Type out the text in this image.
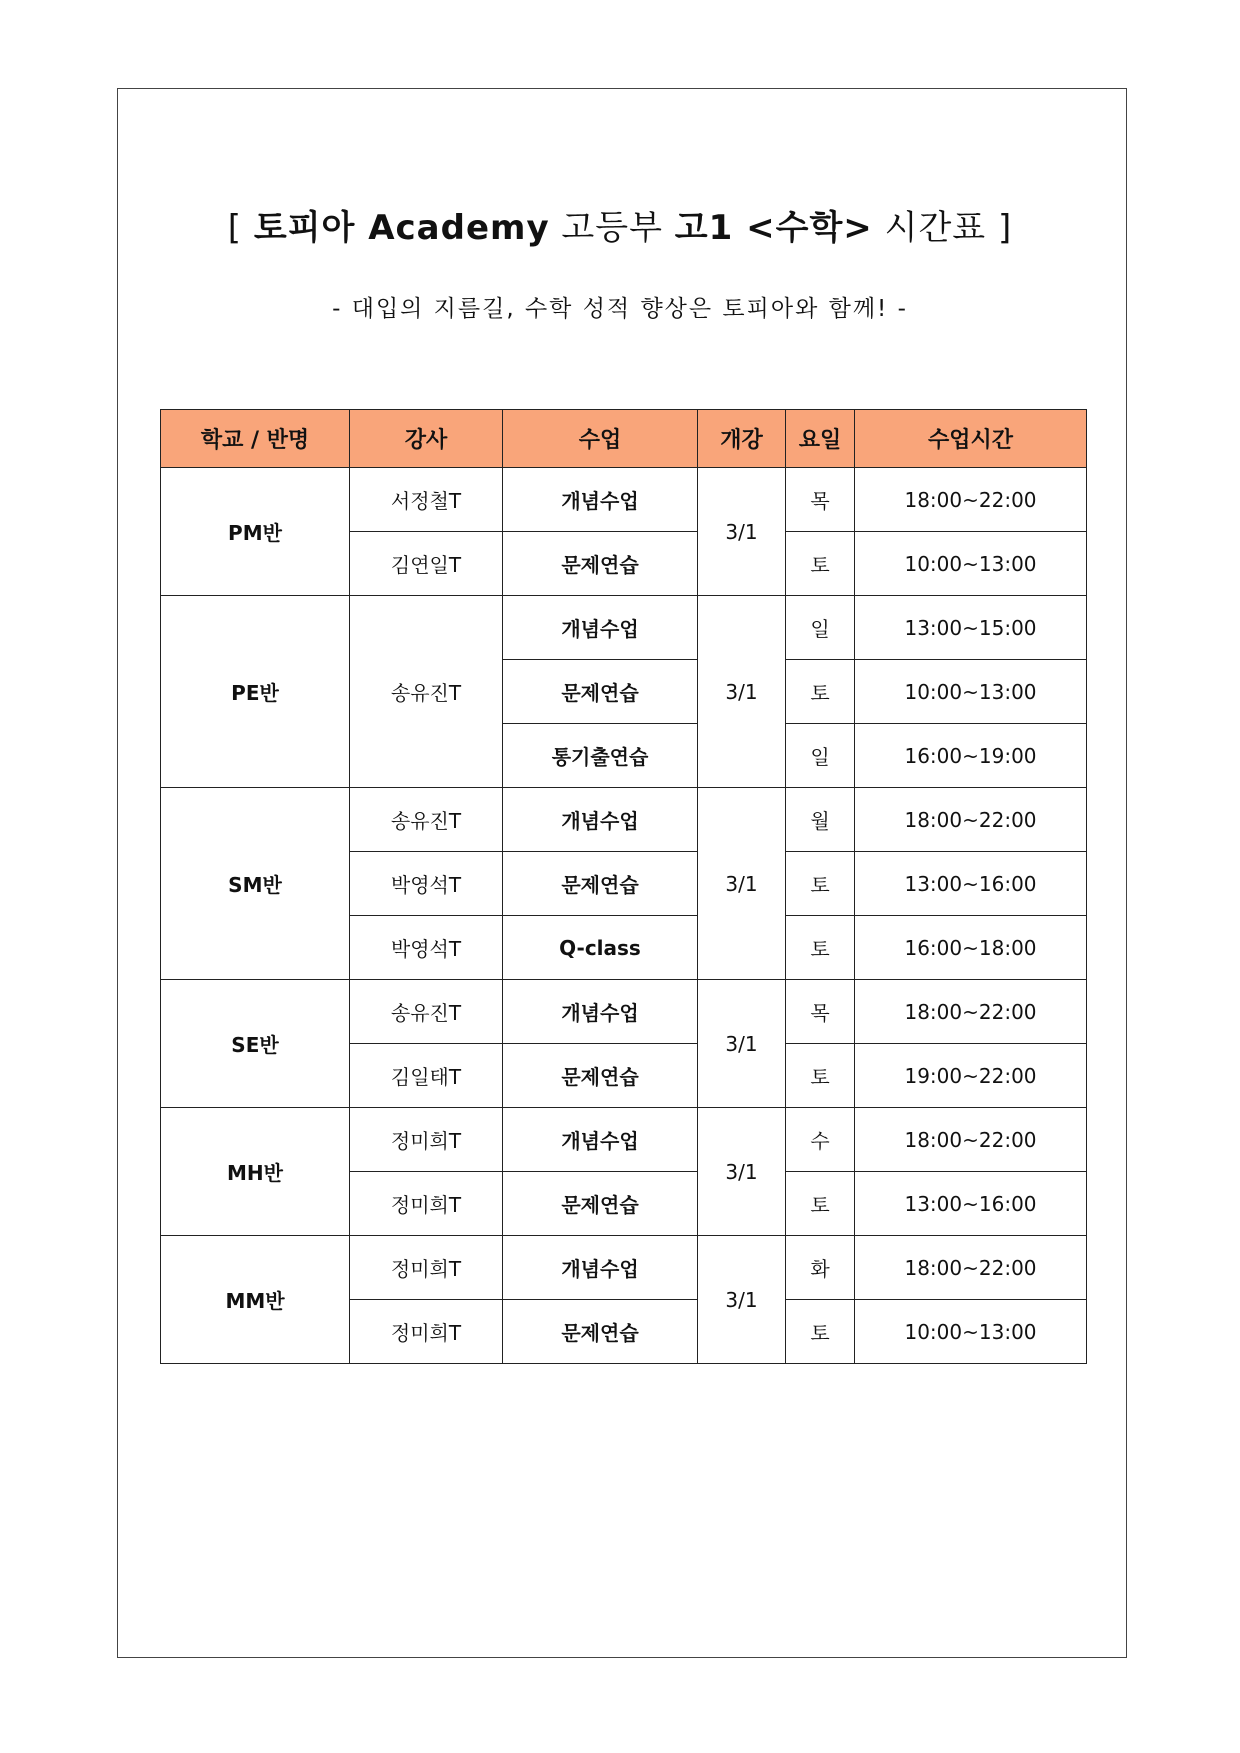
[ 토피아 Academy 고등부 고1 <수학> 시간표 ]
- 대입의 지름길, 수학 성적 향상은 토피아와 함께! -
학교 / 반명	강사	수업	개강	요일	수업시간
PM반	서정철T	개념수업	3/1	목	18:00~22:00
	김연일T	문제연습		토	10:00~13:00
PE반	송유진T	개념수업	3/1	일	13:00~15:00
		문제연습		토	10:00~13:00
		통기출연습		일	16:00~19:00
SM반	송유진T	개념수업	3/1	월	18:00~22:00
	박영석T	문제연습		토	13:00~16:00
	박영석T	Q-class		토	16:00~18:00
SE반	송유진T	개념수업	3/1	목	18:00~22:00
	김일태T	문제연습		토	19:00~22:00
MH반	정미희T	개념수업	3/1	수	18:00~22:00
	정미희T	문제연습		토	13:00~16:00
MM반	정미희T	개념수업	3/1	화	18:00~22:00
	정미희T	문제연습		토	10:00~13:00
